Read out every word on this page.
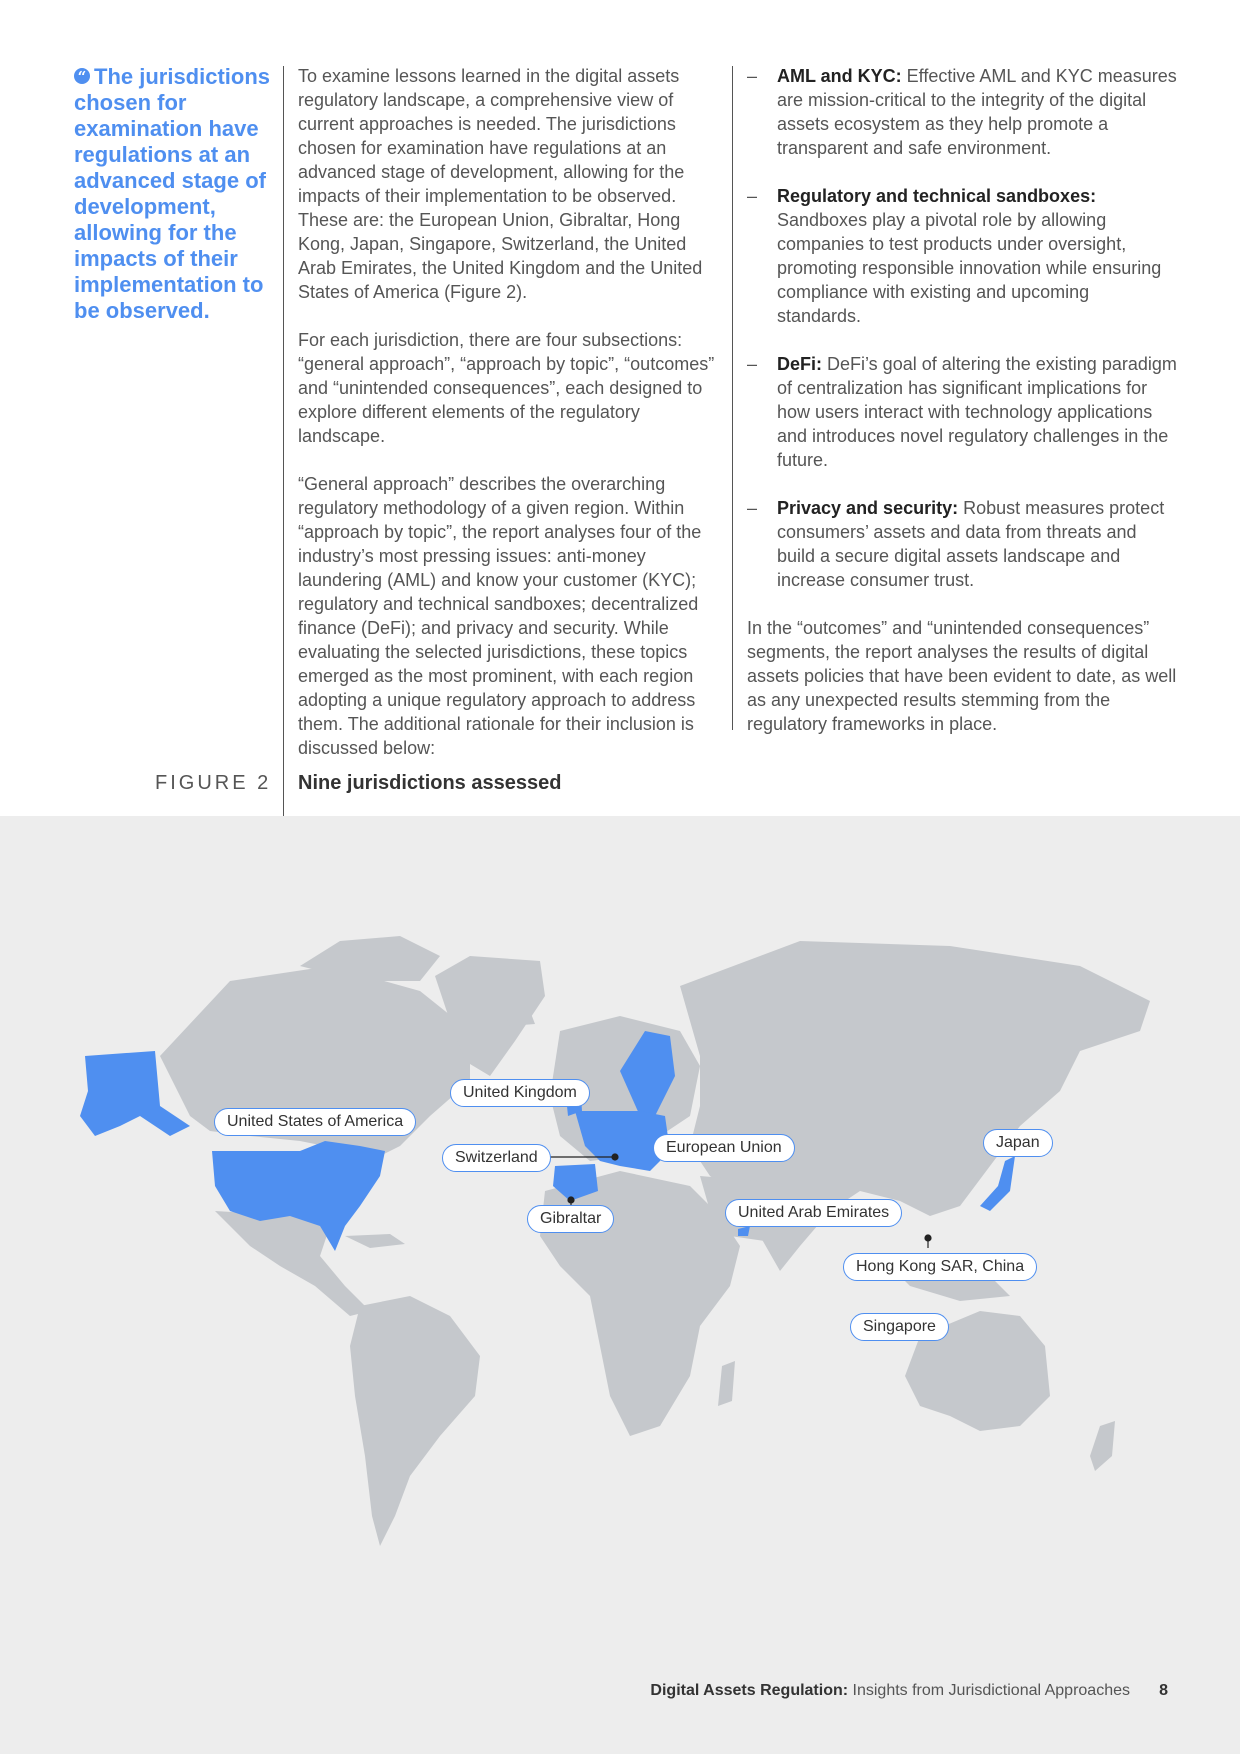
“ The jurisdictions chosen for examination have regulations at an advanced stage of development, allowing for the impacts of their implementation to be observed.

To examine lessons learned in the digital assets regulatory landscape, a comprehensive view of current approaches is needed. The jurisdictions chosen for examination have regulations at an advanced stage of development, allowing for the impacts of their implementation to be observed. These are: the European Union, Gibraltar, Hong Kong, Japan, Singapore, Switzerland, the United Arab Emirates, the United Kingdom and the United States of America (Figure 2).

For each jurisdiction, there are four subsections: “general approach”, “approach by topic”, “outcomes” and “unintended consequences”, each designed to explore different elements of the regulatory landscape.

“General approach” describes the overarching regulatory methodology of a given region. Within “approach by topic”, the report analyses four of the industry’s most pressing issues: anti-money laundering (AML) and know your customer (KYC); regulatory and technical sandboxes; decentralized finance (DeFi); and privacy and security. While evaluating the selected jurisdictions, these topics emerged as the most prominent, with each region adopting a unique regulatory approach to address them. The additional rationale for their inclusion is discussed below:

– AML and KYC: Effective AML and KYC measures are mission-critical to the integrity of the digital assets ecosystem as they help promote a transparent and safe environment.
– Regulatory and technical sandboxes: Sandboxes play a pivotal role by allowing companies to test products under oversight, promoting responsible innovation while ensuring compliance with existing and upcoming standards.
– DeFi: DeFi’s goal of altering the existing paradigm of centralization has significant implications for how users interact with technology applications and introduces novel regulatory challenges in the future.
– Privacy and security: Robust measures protect consumers’ assets and data from threats and build a secure digital assets landscape and increase consumer trust.

In the “outcomes” and “unintended consequences” segments, the report analyses the results of digital assets policies that have been evident to date, as well as any unexpected results stemming from the regulatory frameworks in place.

FIGURE 2 Nine jurisdictions assessed
United States of America
United Kingdom
Switzerland
European Union
Gibraltar	United Arab Emirates
Japan
Hong Kong SAR, China
Singapore
Digital Assets Regulation: Insights from Jurisdictional Approaches 8
